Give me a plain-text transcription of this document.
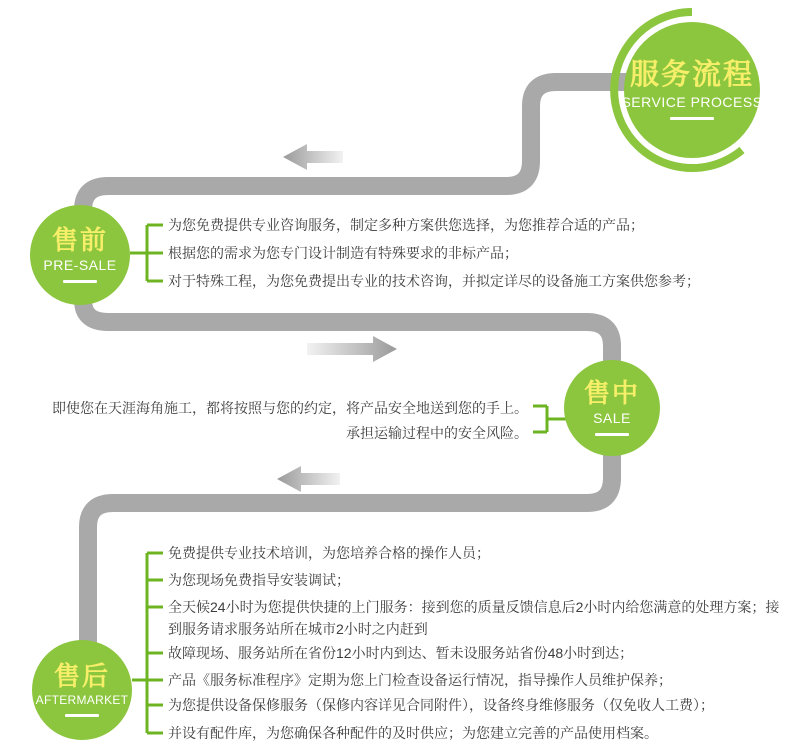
服务流程
SERVICE PROCESS
售前
PRE-SALE
售中
SALE
售后
AFTERMARKET
为您免费提供专业咨询服务，制定多种方案供您选择，为您推荐合适的产品；
根据您的需求为您专门设计制造有特殊要求的非标产品；
对于特殊工程，为您免费提出专业的技术咨询，并拟定详尽的设备施工方案供您参考；
即使您在天涯海角施工，都将按照与您的约定，将产品安全地送到您的手上。
承担运输过程中的安全风险。
免费提供专业技术培训，为您培养合格的操作人员；
为您现场免费指导安装调试；
全天候24小时为您提供快捷的上门服务：接到您的质量反馈信息后2小时内给您满意的处理方案；接到服务请求服务站所在城市2小时之内赶到
故障现场、服务站所在省份12小时内到达、暂未设服务站省份48小时到达；
产品《服务标准程序》定期为您上门检查设备运行情况，指导操作人员维护保养；
为您提供设备保修服务（保修内容详见合同附件），设备终身维修服务（仅免收人工费）；
并设有配件库，为您确保各种配件的及时供应；为您建立完善的产品使用档案。
